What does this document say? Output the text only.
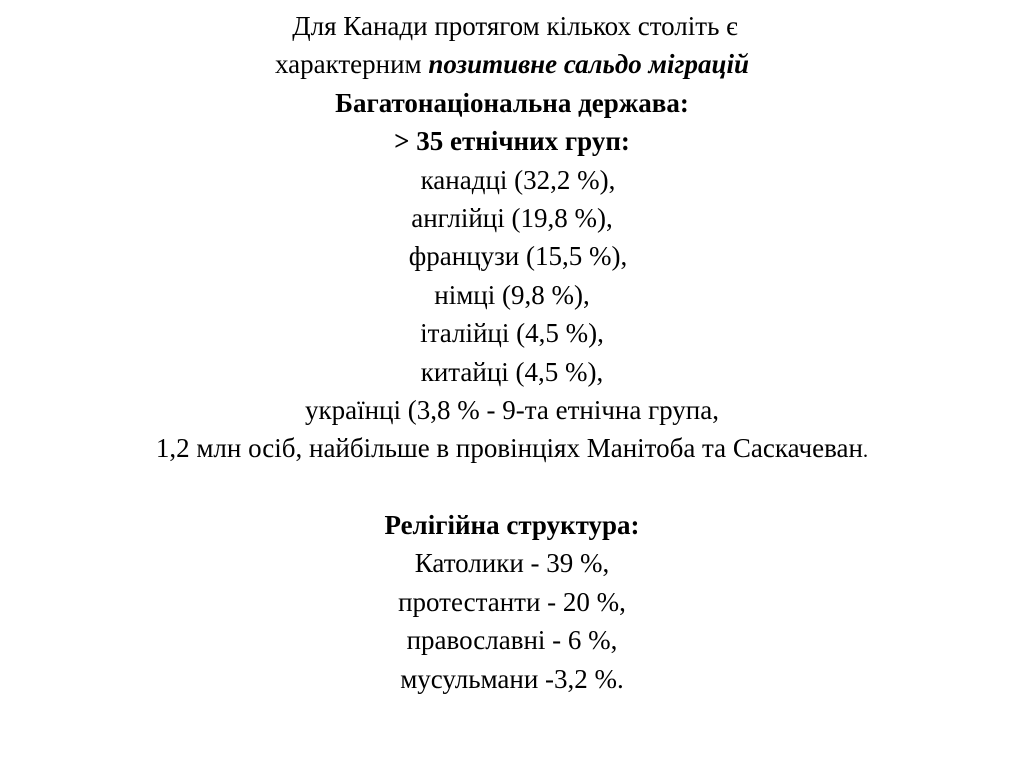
Для Канади протягом кількох століть є
характерним позитивне сальдо міграцій
Багатонаціональна держава:
> 35 етнічних груп:
канадці (32,2 %),
англійці (19,8 %),
французи (15,5 %),
німці (9,8 %),
італійці (4,5 %),
китайці (4,5 %),
українці (3,8 % - 9-та етнічна група,
1,2 млн осіб, найбільше в провінціях Манітоба та Саскачеван.
Релігійна структура:
Католики - 39 %,
протестанти - 20 %,
православні - 6 %,
мусульмани -3,2 %.
